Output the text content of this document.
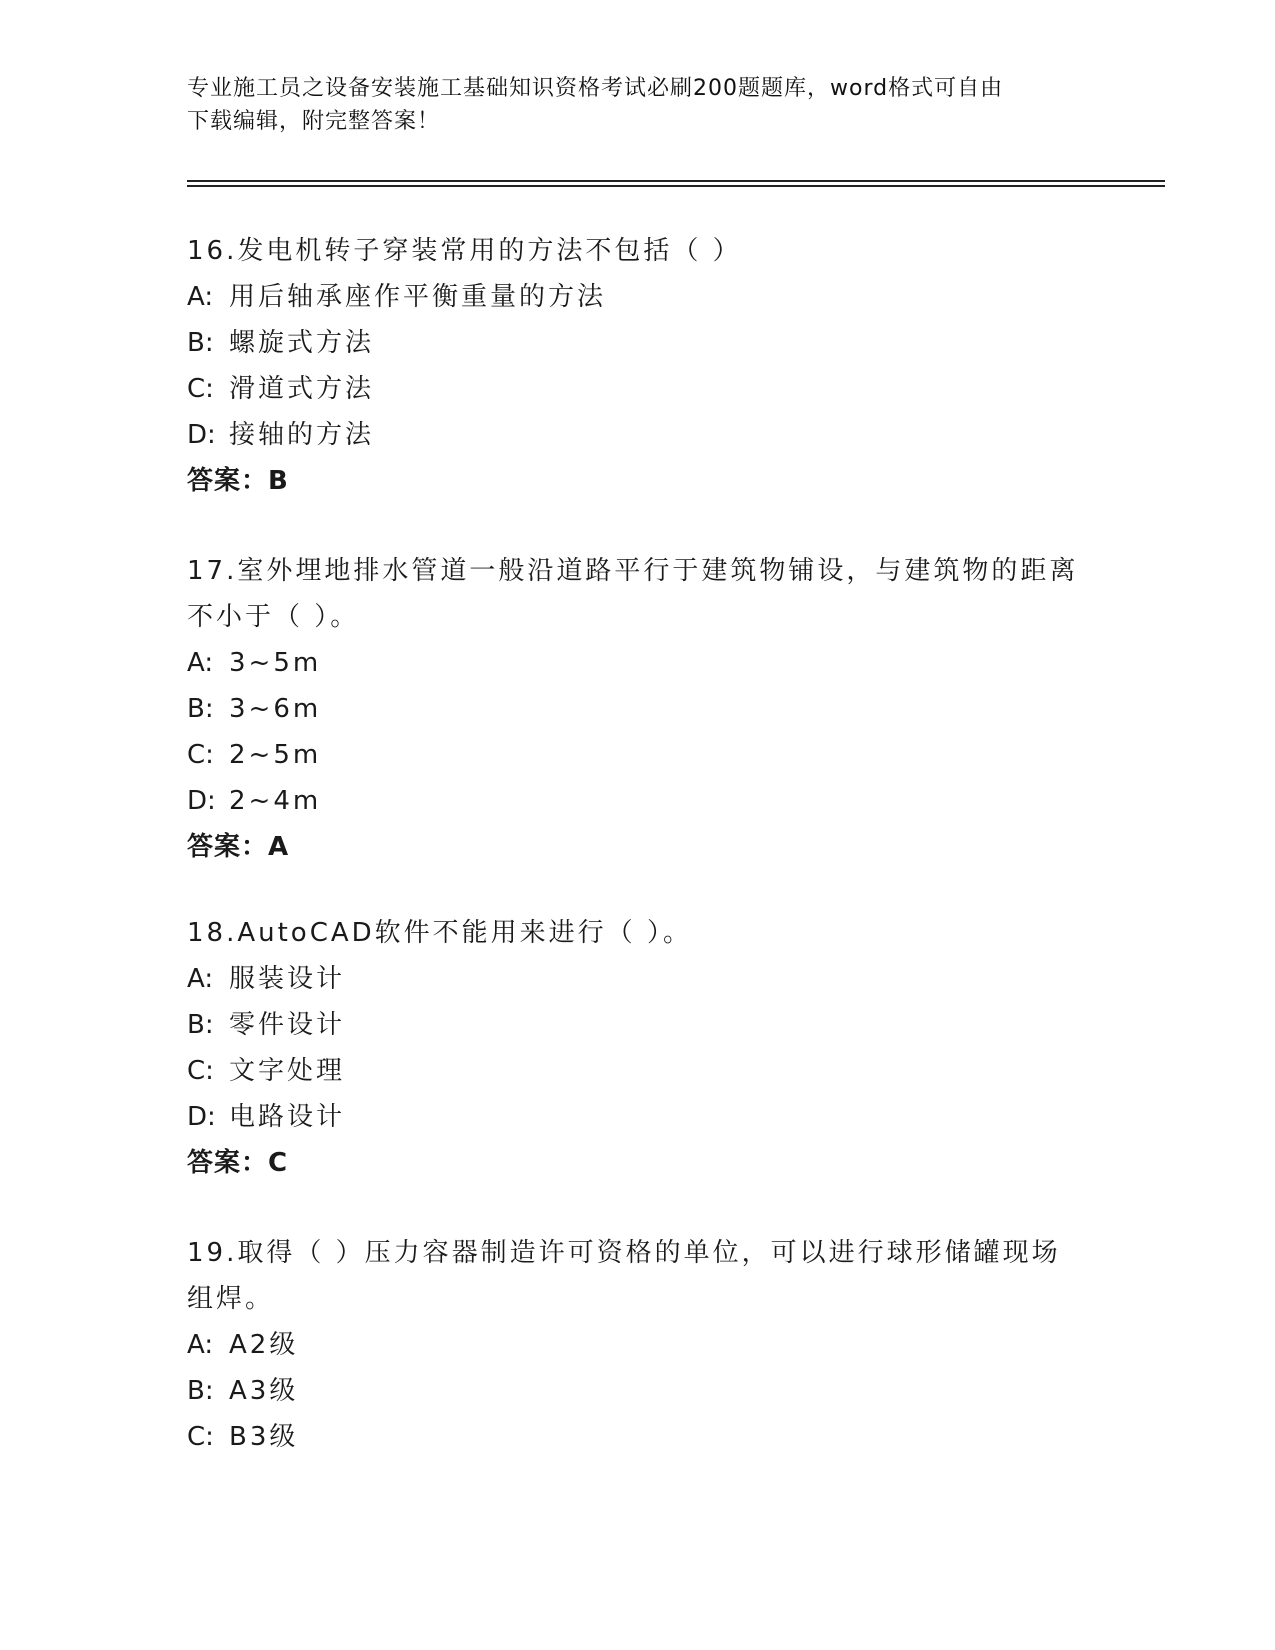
专业施工员之设备安装施工基础知识资格考试必刷200题题库，word格式可自由
下载编辑，附完整答案！
16.发电机转子穿装常用的方法不包括（ ）
A: 用后轴承座作平衡重量的方法
B: 螺旋式方法
C: 滑道式方法
D: 接轴的方法
答案：B
17.室外埋地排水管道一般沿道路平行于建筑物铺设，与建筑物的距离
不小于（ ）。
A: 3~5m
B: 3~6m
C: 2~5m
D: 2~4m
答案：A
18.AutoCAD软件不能用来进行（ ）。
A: 服装设计
B: 零件设计
C: 文字处理
D: 电路设计
答案：C
19.取得（ ）压力容器制造许可资格的单位，可以进行球形储罐现场
组焊。
A: A2级
B: A3级
C: B3级
